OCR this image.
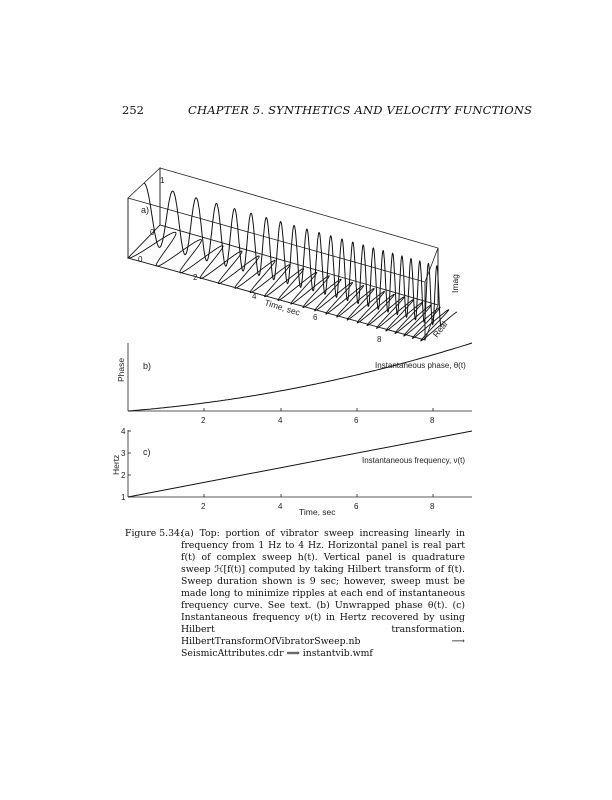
252	CHAPTER 5. SYNTHETICS AND VELOCITY FUNCTIONS
a)
1
0
0
2
4
6
8
Time, sec
Imag
Real
b)
Phase	Instantaneous phase, θ(t)
2	4	6	8
c)
Hertz
4
3
2
1
Instantaneous frequency, ν(t)
2	4	6	8
Time, sec
Figure 5.34:
(a) Top: portion of vibrator sweep increasing linearly in frequency from 1 Hz to 4 Hz. Horizontal panel is real part f(t) of complex sweep h(t). Vertical panel is quadrature sweep ℋ[f(t)] computed by taking Hilbert transform of f(t). Sweep duration shown is 9 sec; however, sweep must be made long to minimize ripples at each end of instantaneous frequency curve. See text. (b) Unwrapped phase θ(t). (c) Instantaneous frequency ν(t) in Hertz recovered by using Hilbert transformation. HilbertTransformOfVibratorSweep.nb ⟶ SeismicAttributes.cdr ⟹ instantvib.wmf
